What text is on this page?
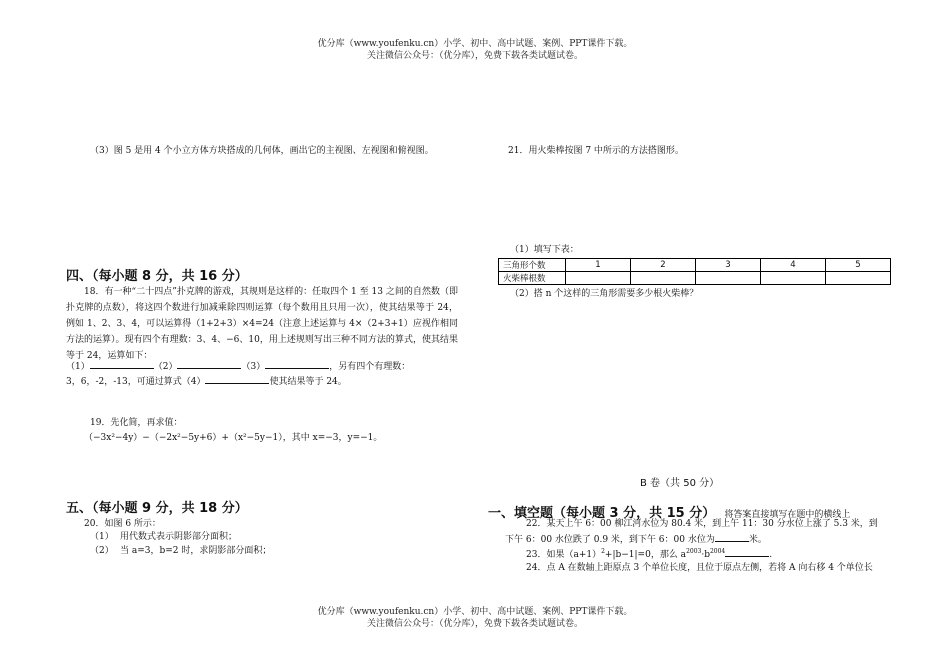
优分库（www.youfenku.cn）小学、初中、高中试题、案例、PPT课件下载。
关注微信公众号：（优分库），免费下载各类试题试卷。
（3）图 5 是用 4 个小立方体方块搭成的几何体，画出它的主视图、左视图和俯视图。
四、（每小题 8 分，共 16 分）
18．有一种“二十四点”扑克牌的游戏，其规则是这样的：任取四个 1 至 13 之间的自然数（即扑克牌的点数），将这四个数进行加减乘除四则运算（每个数用且只用一次），使其结果等于 24，例如 1、2、3、4，可以运算得（1+2+3）×4=24（注意上述运算与 4×（2+3+1）应视作相同方法的运算）。现有四个有理数：3、4、−6、10，用上述规则写出三种不同方法的算式，使其结果等于 24，运算如下：
（1）	（2）	（3）	，另有四个有理数：
3，6，-2，-13，可通过算式（4）	使其结果等于 24。
19．先化简，再求值：
（−3x²−4y）−（−2x²−5y+6）+（x²−5y−1），其中 x=−3，y=−1。
五、（每小题 9 分，共 18 分）
20．如图 6 所示：
（1） 用代数式表示阴影部分面积；
（2） 当 a=3，b=2 时，求阴影部分面积；
21．用火柴棒按图 7 中所示的方法搭图形。
（1）填写下表：
三角形个数	1	2	3	4	5
火柴棒根数					
（2）搭 n 个这样的三角形需要多少根火柴棒？
B 卷（共 50 分）
一、填空题（每小题 3 分，共 15 分） 将答案直接填写在题中的横线上
22．某天上午 6：00 柳江河水位为 80.4 米，到上午 11：30 分水位上涨了 5.3 米，到
下午 6：00 水位跌了 0.9 米，到下午 6：00 水位为	米。
23．如果$(a+1)^2+|b-1|=0$，那么 $a^{2003}\cdot b^{2004}$	.
24．点 A 在数轴上距原点 3 个单位长度，且位于原点左侧，若将 A 向右移 4 个单位长
优分库（www.youfenku.cn）小学、初中、高中试题、案例、PPT课件下载。
关注微信公众号：（优分库），免费下载各类试题试卷。
